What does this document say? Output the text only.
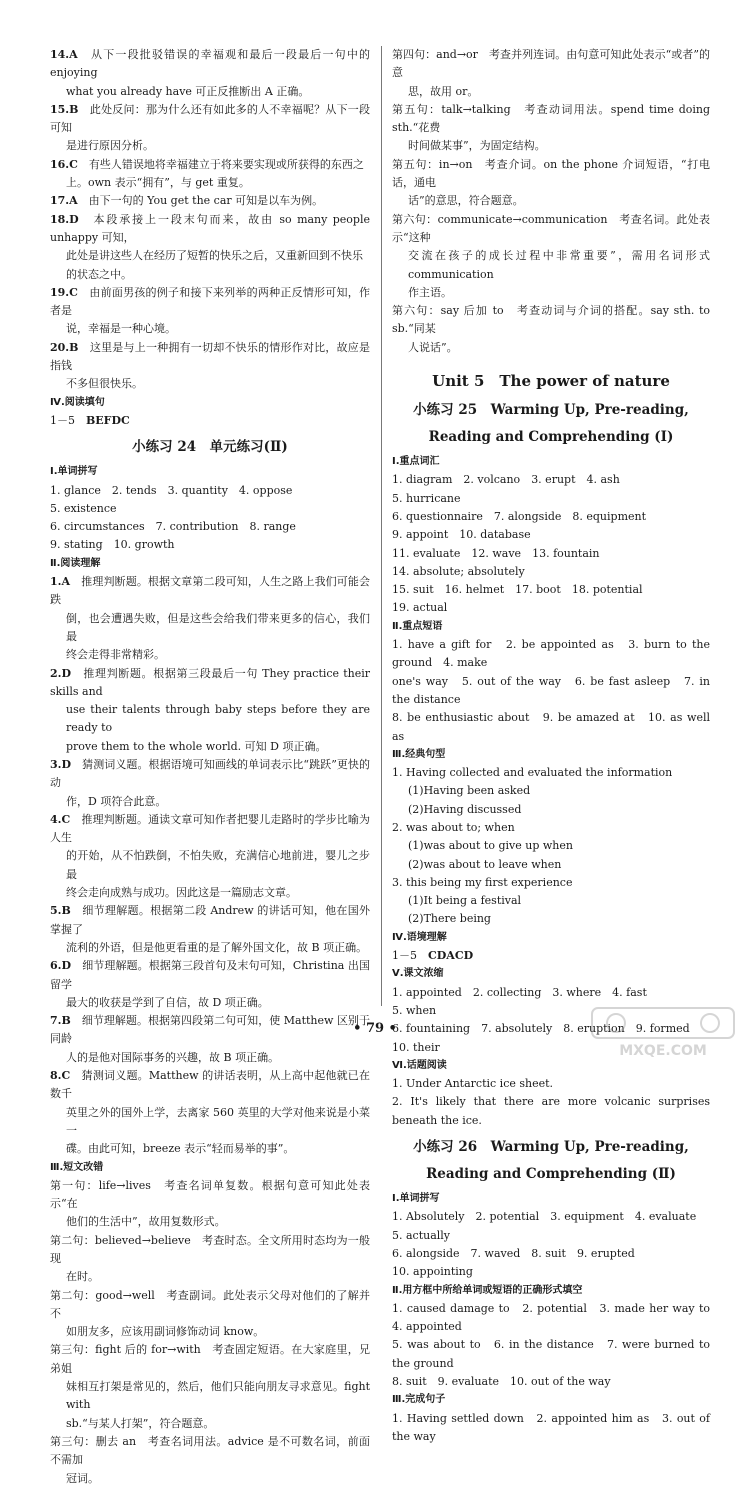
14.A　 从下一段批驳错误的幸福观和最后一段最后一句中的 enjoying

what you already have 可正反推断出 A 正确。

15.B　 此处反问：那为什么还有如此多的人不幸福呢？从下一段可知

是进行原因分析。

16.C　 有些人错误地将幸福建立于将来要实现或所获得的东西之

上。own 表示“拥有”，与 get 重复。

17.A　 由下一句的 You get the car 可知是以车为例。

18.D　 本段承接上一段末句而来，故由 so many people unhappy 可知，

此处是讲这些人在经历了短暂的快乐之后，又重新回到不快乐

的状态之中。

19.C　 由前面男孩的例子和接下来列举的两种正反情形可知，作者是

说，幸福是一种心境。

20.B　 这里是与上一种拥有一切却不快乐的情形作对比，故应是指钱

不多但很快乐。

Ⅳ.阅读填句

1－5　 BEFDC

小练习 24　单元练习(Ⅱ)

Ⅰ.单词拼写

1. glance 2. tends 3. quantity 4. oppose
5. existence
6. circumstances 7. contribution 8. range
9. stating 10. growth

Ⅱ.阅读理解

1.A　 推理判断题。根据文章第二段可知，人生之路上我们可能会跌

倒，也会遭遇失败，但是这些会给我们带来更多的信心，我们最

终会走得非常精彩。

2.D　 推理判断题。根据第三段最后一句 They practice their skills and

use their talents through baby steps before they are ready to

prove them to the whole world. 可知 D 项正确。

3.D　 猜测词义题。根据语境可知画线的单词表示比“跳跃”更快的动

作，D 项符合此意。

4.C　 推理判断题。通读文章可知作者把婴儿走路时的学步比喻为人生

的开始，从不怕跌倒，不怕失败，充满信心地前进，婴儿之步最

终会走向成熟与成功。因此这是一篇励志文章。

5.B　 细节理解题。根据第二段 Andrew 的讲话可知，他在国外掌握了

流利的外语，但是他更看重的是了解外国文化，故 B 项正确。

6.D　 细节理解题。根据第三段首句及末句可知，Christina 出国留学

最大的收获是学到了自信，故 D 项正确。

7.B　 细节理解题。根据第四段第二句可知，使 Matthew 区别于同龄

人的是他对国际事务的兴趣，故 B 项正确。

8.C　 猜测词义题。Matthew 的讲话表明，从上高中起他就已在数千

英里之外的国外上学，去离家 560 英里的大学对他来说是小菜一

碟。由此可知，breeze 表示“轻而易举的事”。

Ⅲ.短文改错

第一句：life→lives　考查名词单复数。根据句意可知此处表示“在

他们的生活中”，故用复数形式。

第二句：believed→believe　考查时态。全文所用时态均为一般现

在时。

第二句：good→well　考查副词。此处表示父母对他们的了解并不

如朋友多，应该用副词修饰动词 know。

第三句：fight 后的 for→with　考查固定短语。在大家庭里，兄弟姐

妹相互打架是常见的，然后，他们只能向朋友寻求意见。fight with

sb.“与某人打架”，符合题意。

第三句：删去 an　考查名词用法。advice 是不可数名词，前面不需加

冠词。

第四句：and→or　考查并列连词。由句意可知此处表示“或者”的意

思，故用 or。

第五句：talk→talking　考查动词用法。spend time doing sth.“花费

时间做某事”，为固定结构。

第五句：in→on　考查介词。on the phone 介词短语，“打电话，通电

话”的意思，符合题意。

第六句：communicate→communication　考查名词。此处表示“这种

交流在孩子的成长过程中非常重要”，需用名词形式 communication

作主语。

第六句：say 后加 to　考查动词与介词的搭配。say sth. to sb.“同某

人说话”。

Unit 5　The power of nature
小练习 25　Warming Up, Pre-reading,
Reading and Comprehending (Ⅰ)

Ⅰ.重点词汇

1. diagram 2. volcano 3. erupt 4. ash
5. hurricane
6. questionnaire 7. alongside 8. equipment
9. appoint 10. database
11. evaluate 12. wave 13. fountain
14. absolute; absolutely
15. suit 16. helmet 17. boot 18. potential
19. actual

Ⅱ.重点短语

1. have a gift for　2. be appointed as　3. burn to the ground　4. make

one's way　5. out of the way　6. be fast asleep　7. in the distance

8. be enthusiastic about　9. be amazed at　10. as well as

Ⅲ.经典句型

1. Having collected and evaluated the information

(1)Having been asked

(2)Having discussed

2. was about to; when

(1)was about to give up when

(2)was about to leave when

3. this being my first experience

(1)It being a festival

(2)There being

Ⅳ.语境理解

1－5　 CDACD

Ⅴ.课文浓缩

1. appointed 2. collecting 3. where 4. fast
5. when
6. fountaining 7. absolutely 8. eruption 9. formed
10. their

Ⅵ.话题阅读

1. Under Antarctic ice sheet.

2. It's likely that there are more volcanic surprises beneath the ice.

小练习 26　Warming Up, Pre-reading,
Reading and Comprehending (Ⅱ)

Ⅰ.单词拼写

1. Absolutely 2. potential 3. equipment 4. evaluate
5. actually
6. alongside 7. waved 8. suit 9. erupted
10. appointing

Ⅱ.用方框中所给单词或短语的正确形式填空

1. caused damage to　2. potential　3. made her way to　4. appointed

5. was about to　6. in the distance　7. were burned to the ground

8. suit　9. evaluate　10. out of the way

Ⅲ.完成句子

1. Having settled down　2. appointed him as　3. out of the way

• 79 •
MXQE.COM
